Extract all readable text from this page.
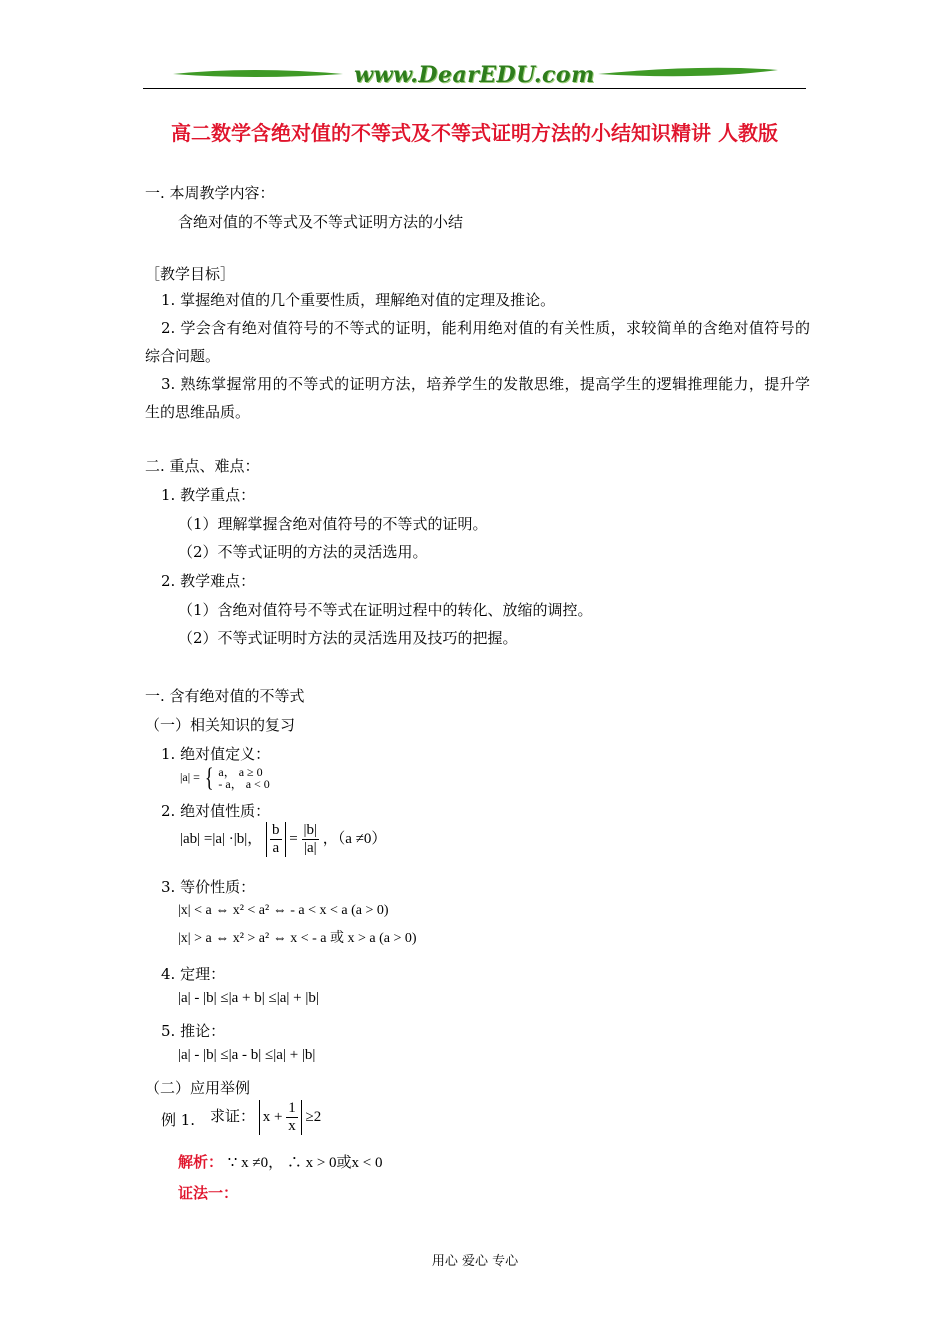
www.DearEDU.com
高二数学含绝对值的不等式及不等式证明方法的小结知识精讲 人教版
一. 本周教学内容：
含绝对值的不等式及不等式证明方法的小结
［教学目标］
1. 掌握绝对值的几个重要性质，理解绝对值的定理及推论。
2. 学会含有绝对值符号的不等式的证明，能利用绝对值的有关性质，求较简单的含绝对值符号的综合问题。
3. 熟练掌握常用的不等式的证明方法，培养学生的发散思维，提高学生的逻辑推理能力，提升学生的思维品质。
二. 重点、难点：
1. 教学重点：
（1）理解掌握含绝对值符号的不等式的证明。
（2）不等式证明的方法的灵活选用。
2. 教学难点：
（1）含绝对值符号不等式在证明过程中的转化、放缩的调控。
（2）不等式证明时方法的灵活选用及技巧的把握。
一. 含有绝对值的不等式
（一）相关知识的复习
1. 绝对值定义：
|a| = { a， a ≥ 0
- a， a < 0
2. 绝对值性质：
|ab| =|a| ·|b|， $\frac{b}{a} = \frac{|b|}{|a|}$ ，（a ≠0）
3. 等价性质：
|x| < a ⇔ x² < a² ⇔ - a < x < a (a > 0)
|x| > a ⇔ x² > a² ⇔ x < - a 或 x > a (a > 0)
4. 定理：
|a| - |b| ≤|a + b| ≤|a| + |b|
5. 推论：
|a| - |b| ≤|a - b| ≤|a| + |b|
（二）应用举例
例 1. 求证： $x + \frac{1}{x} \ge 2$
解析： ∵ x ≠0， ∴ x > 0或x < 0
证法一：
用心 爱心 专心
